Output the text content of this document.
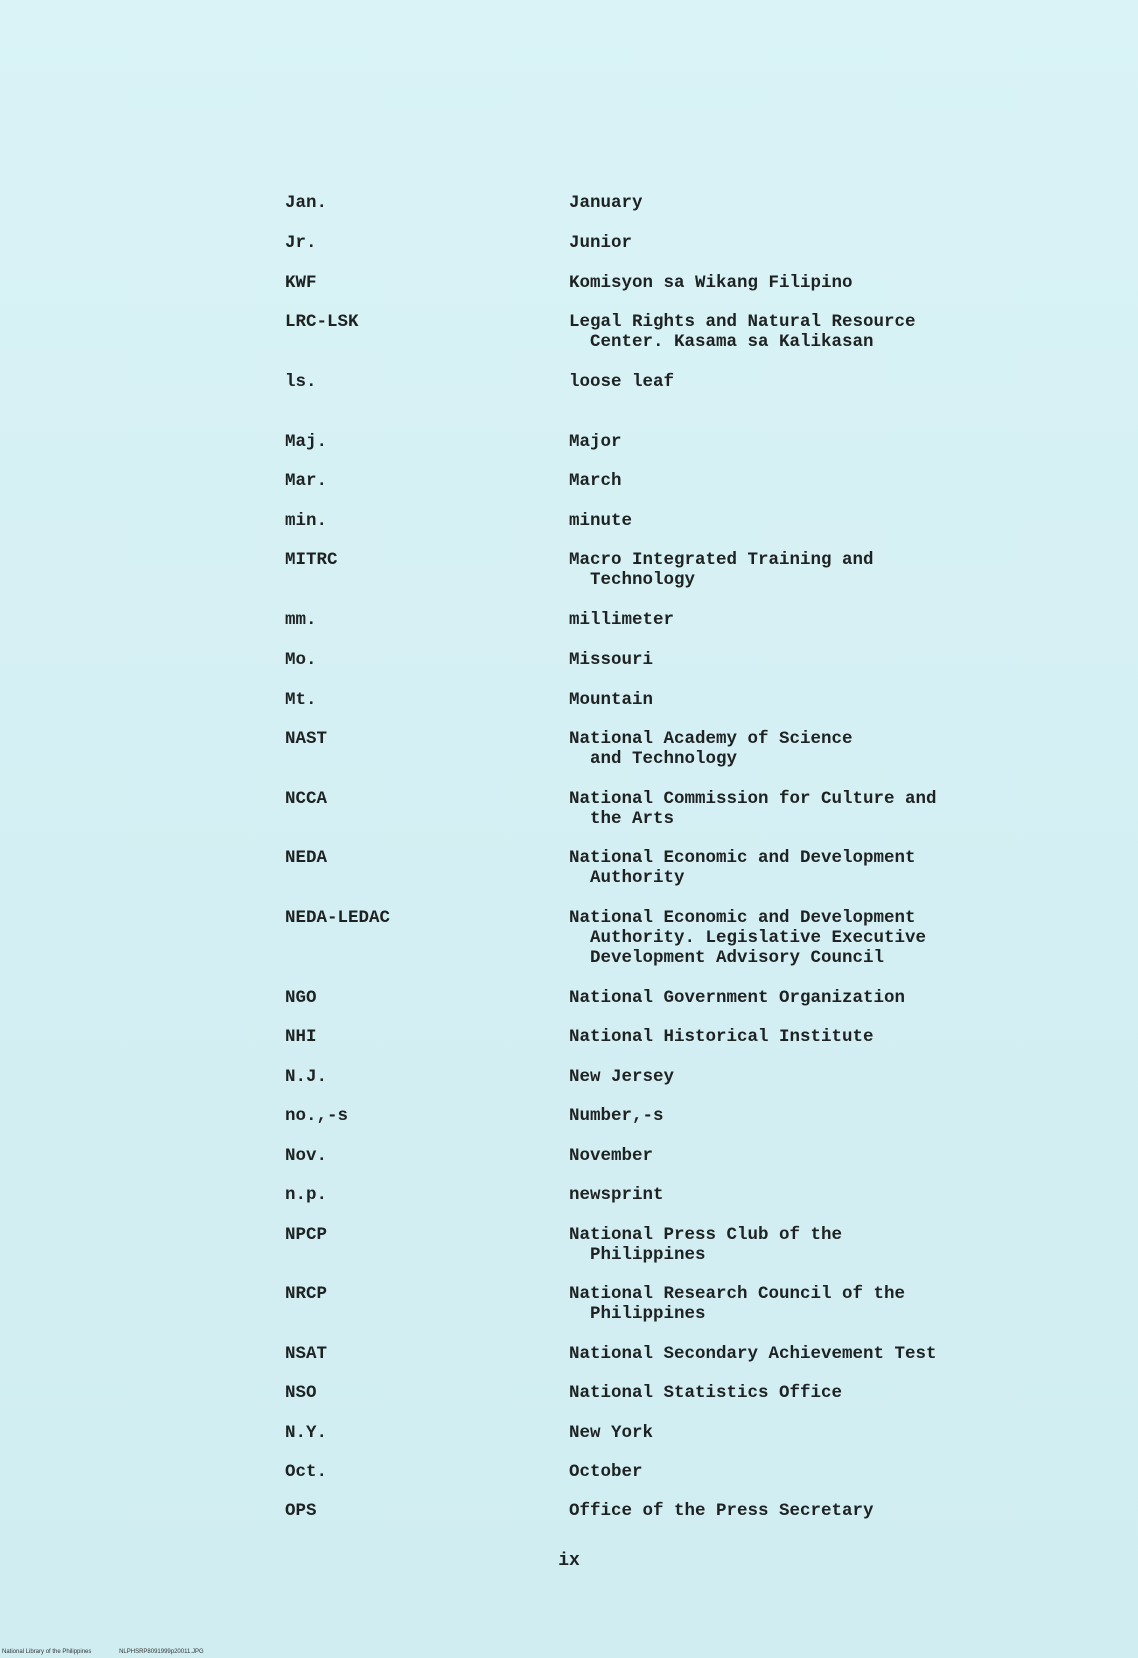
Jan.	January
Jr.	Junior
KWF	Komisyon sa Wikang Filipino
LRC-LSK	Legal Rights and Natural Resource
Center. Kasama sa Kalikasan
ls.	loose leaf
Maj.	Major
Mar.	March
min.	minute
MITRC	Macro Integrated Training and
Technology
mm.	millimeter
Mo.	Missouri
Mt.	Mountain
NAST	National Academy of Science
and Technology
NCCA	National Commission for Culture and
the Arts
NEDA	National Economic and Development
Authority
NEDA-LEDAC	National Economic and Development
Authority. Legislative Executive
Development Advisory Council
NGO	National Government Organization
NHI	National Historical Institute
N.J.	New Jersey
no.,-s	Number,-s
Nov.	November
n.p.	newsprint
NPCP	National Press Club of the
Philippines
NRCP	National Research Council of the
Philippines
NSAT	National Secondary Achievement Test
NSO	National Statistics Office
N.Y.	New York
Oct.	October
OPS	Office of the Press Secretary
ix
National Library of the Philippines	NLPHSRP8091999p20011.JPG
